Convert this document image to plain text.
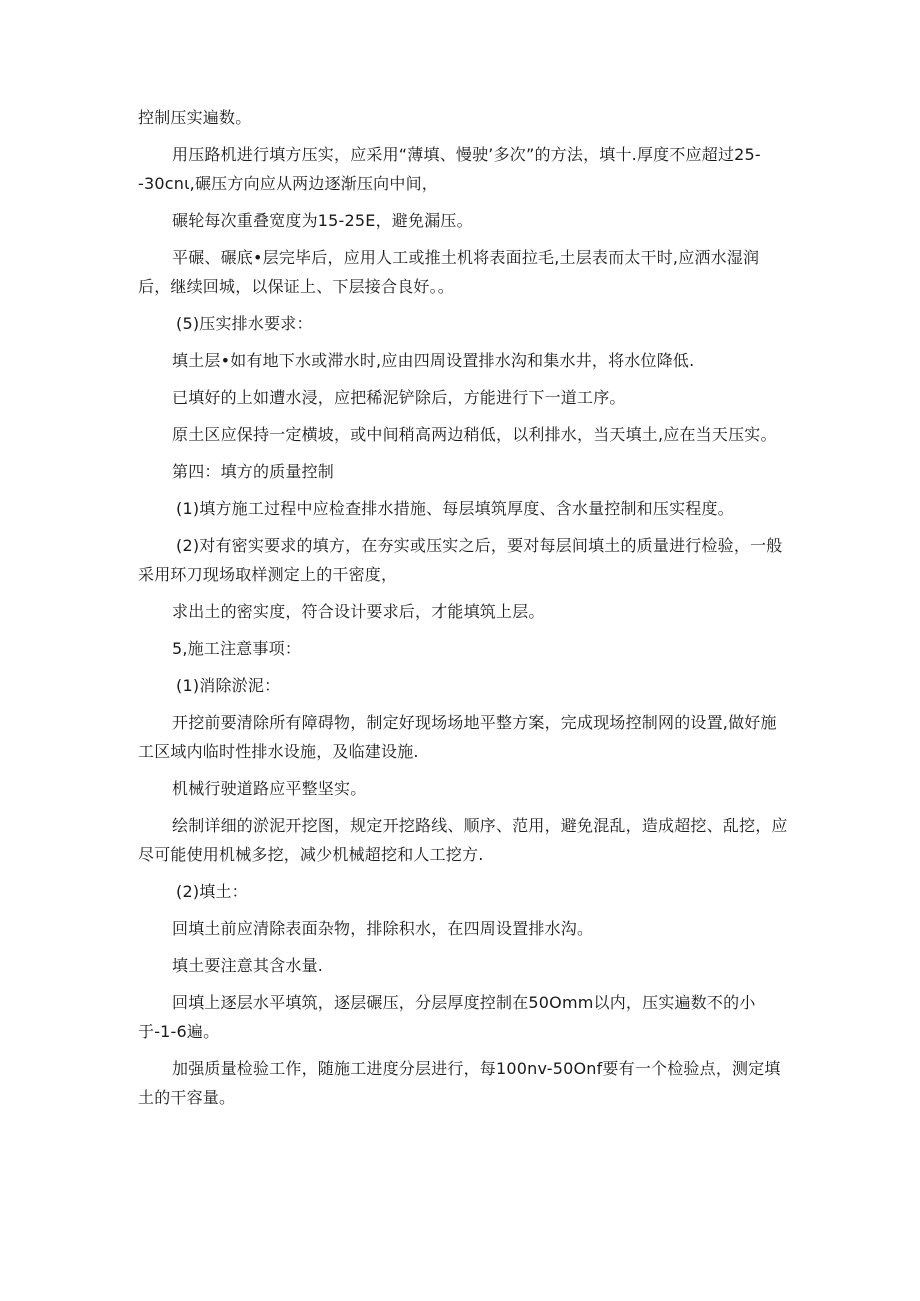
控制压实遍数。

用压路机进行填方压实，应采用“薄填、慢驶’多次”的方法，填十.厚度不应超过25--30cnι,碾压方向应从两边逐渐压向中间，

碾轮每次重叠宽度为15-25E，避免漏压。

平碾、碾底•层完毕后，应用人工或推土机将表面拉毛,土层表而太干时,应洒水湿润后，继续回城，以保证上、下层接合良好。。

(5)压实排水要求：

填土层•如有地下水或滞水时,应由四周设置排水沟和集水井，将水位降低.

已填好的上如遭水浸，应把稀泥铲除后，方能进行下一道工序。

原土区应保持一定横坡，或中间稍高两边稍低，以利排水，当天填土,应在当天压实。

第四：填方的质量控制

(1)填方施工过程中应检查排水措施、每层填筑厚度、含水量控制和压实程度。

(2)对有密实要求的填方，在夯实或压实之后，要对每层间填土的质量进行检验，一般采用环刀现场取样测定上的干密度，

求出土的密实度，符合设计要求后，才能填筑上层。

5,施工注意事项：

(1)消除淤泥：

开挖前要清除所有障碍物，制定好现场场地平整方案，完成现场控制网的设置,做好施工区域内临时性排水设施，及临建设施.

机械行驶道路应平整坚实。

绘制详细的淤泥开挖图，规定开挖路线、顺序、范用，避免混乱，造成超挖、乱挖，应尽可能使用机械多挖，减少机械超挖和人工挖方.

(2)填土：

回填土前应清除表面杂物，排除积水，在四周设置排水沟。

填土要注意其含水量.

回填上逐层水平填筑，逐层碾压，分层厚度控制在50Omm以内，压实遍数不的小于-1-6遍。

加强质量检验工作，随施工进度分层进行，每100nv-50Onf要有一个检验点，测定填土的干容量。
